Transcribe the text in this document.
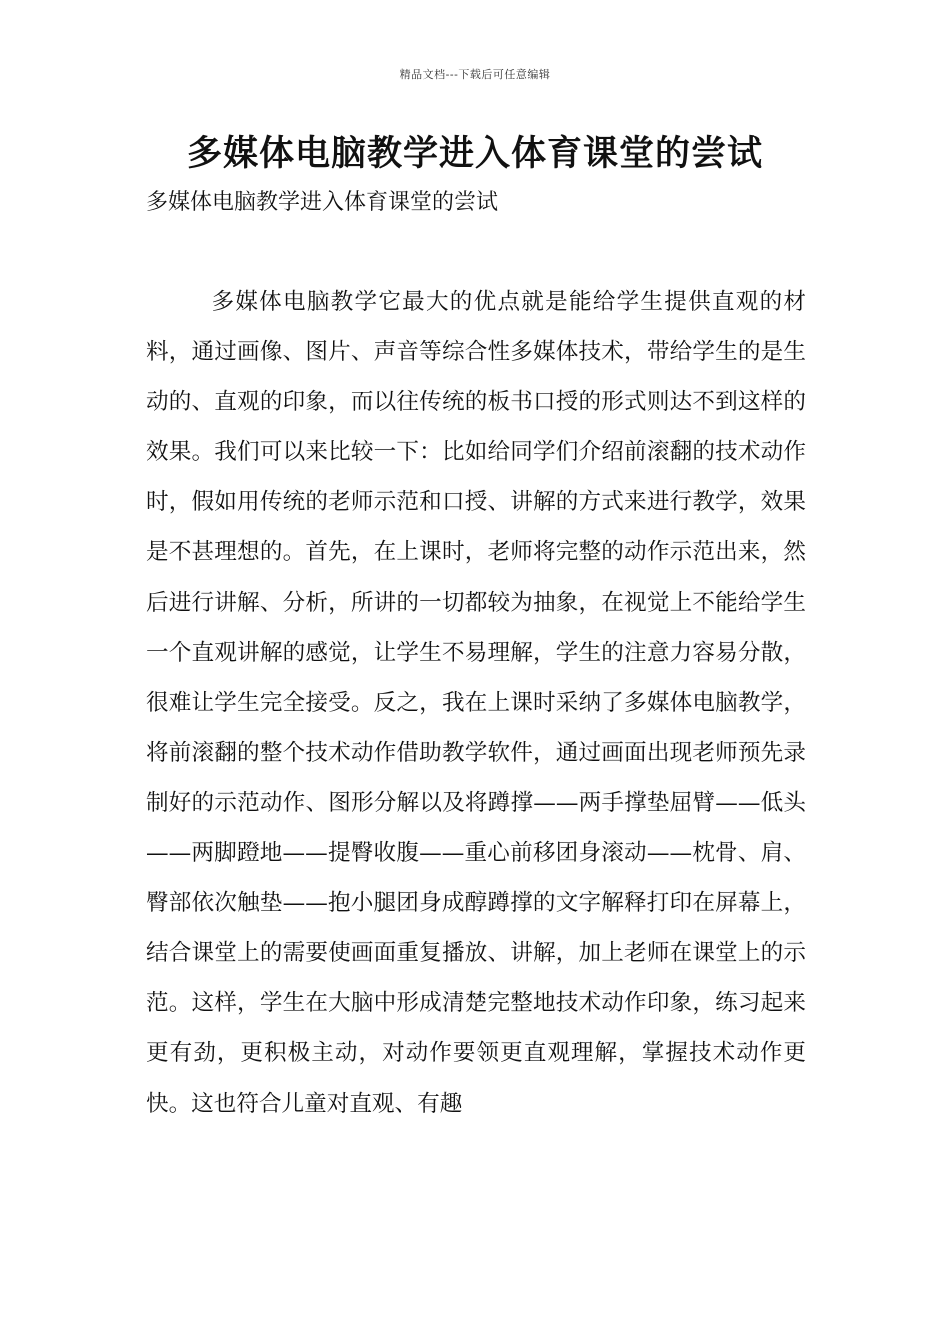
精品文档---下载后可任意编辑
多媒体电脑教学进入体育课堂的尝试
多媒体电脑教学进入体育课堂的尝试

多媒体电脑教学它最大的优点就是能给学生提供直观的材料，通过画像、图片、声音等综合性多媒体技术，带给学生的是生动的、直观的印象，而以往传统的板书口授的形式则达不到这样的效果。我们可以来比较一下：比如给同学们介绍前滚翻的技术动作时，假如用传统的老师示范和口授、讲解的方式来进行教学，效果是不甚理想的。首先，在上课时，老师将完整的动作示范出来，然后进行讲解、分析，所讲的一切都较为抽象，在视觉上不能给学生一个直观讲解的感觉，让学生不易理解，学生的注意力容易分散，很难让学生完全接受。反之，我在上课时采纳了多媒体电脑教学，将前滚翻的整个技术动作借助教学软件，通过画面出现老师预先录制好的示范动作、图形分解以及将蹲撑——两手撑垫屈臂——低头——两脚蹬地——提臀收腹——重心前移团身滚动——枕骨、肩、臀部依次触垫——抱小腿团身成醇蹲撑的文字解释打印在屏幕上，结合课堂上的需要使画面重复播放、讲解，加上老师在课堂上的示范。这样，学生在大脑中形成清楚完整地技术动作印象，练习起来更有劲，更积极主动，对动作要领更直观理解，掌握技术动作更快。这也符合儿童对直观、有趣
